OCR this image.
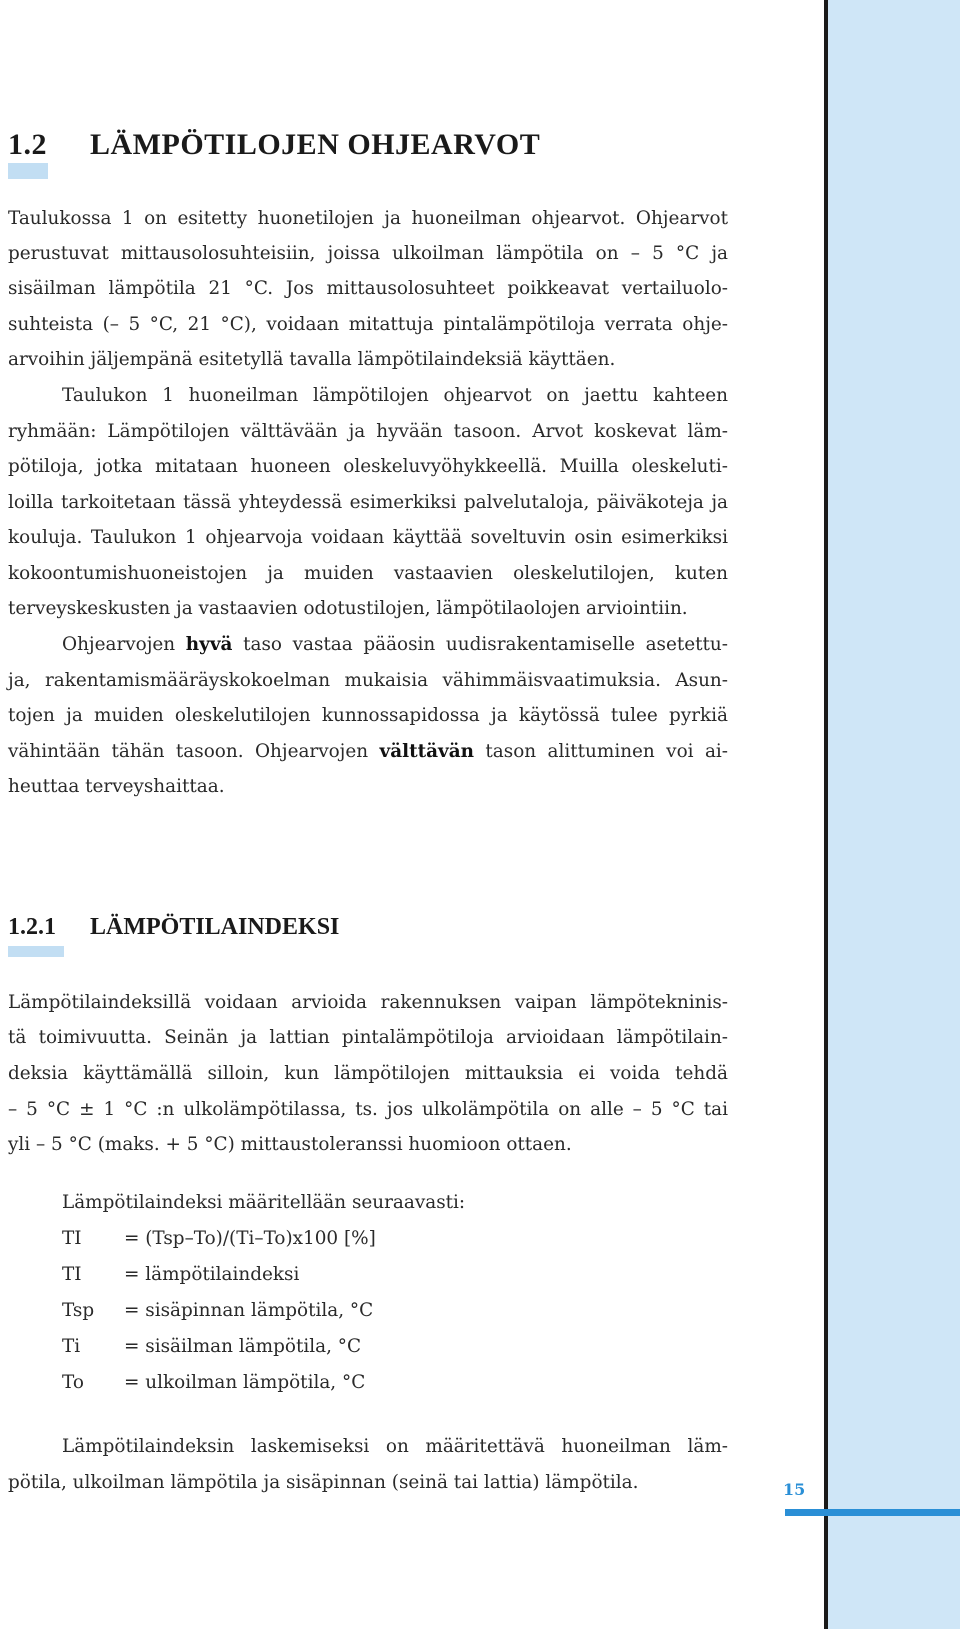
15
1.2 LÄMPÖTILOJEN OHJEARVOT
Taulukossa 1 on esitetty huonetilojen ja huoneilman ohjearvot. Ohjearvot
perustuvat mittausolosuhteisiin, joissa ulkoilman lämpötila on – 5 °C ja
sisäilman lämpötila 21 °C. Jos mittausolosuhteet poikkeavat vertailuolo-
suhteista (– 5 °C, 21 °C), voidaan mitattuja pintalämpötiloja verrata ohje-
arvoihin jäljempänä esitetyllä tavalla lämpötilaindeksiä käyttäen.
Taulukon 1 huoneilman lämpötilojen ohjearvot on jaettu kahteen
ryhmään: Lämpötilojen välttävään ja hyvään tasoon. Arvot koskevat läm-
pötiloja, jotka mitataan huoneen oleskeluvyöhykkeellä. Muilla oleskeluti-
loilla tarkoitetaan tässä yhteydessä esimerkiksi palvelutaloja, päiväkoteja ja
kouluja. Taulukon 1 ohjearvoja voidaan käyttää soveltuvin osin esimerkiksi
kokoontumishuoneistojen ja muiden vastaavien oleskelutilojen, kuten
terveyskeskusten ja vastaavien odotustilojen, lämpötilaolojen arviointiin.
Ohjearvojen hyvä taso vastaa pääosin uudisrakentamiselle asetettu-
ja, rakentamismääräyskokoelman mukaisia vähimmäisvaatimuksia. Asun-
tojen ja muiden oleskelutilojen kunnossapidossa ja käytössä tulee pyrkiä
vähintään tähän tasoon. Ohjearvojen välttävän tason alittuminen voi ai-
heuttaa terveyshaittaa.
1.2.1 LÄMPÖTILAINDEKSI
Lämpötilaindeksillä voidaan arvioida rakennuksen vaipan lämpötekninis-
tä toimivuutta. Seinän ja lattian pintalämpötiloja arvioidaan lämpötilain-
deksia käyttämällä silloin, kun lämpötilojen mittauksia ei voida tehdä
– 5 °C ± 1 °C :n ulkolämpötilassa, ts. jos ulkolämpötila on alle – 5 °C tai
yli – 5 °C (maks. + 5 °C) mittaustoleranssi huomioon ottaen.
Lämpötilaindeksi määritellään seuraavasti:
TI = (Tsp–To)/(Ti–To)x100 [%]
TI = lämpötilaindeksi
Tsp = sisäpinnan lämpötila, °C
Ti = sisäilman lämpötila, °C
To = ulkoilman lämpötila, °C
Lämpötilaindeksin laskemiseksi on määritettävä huoneilman läm-
pötila, ulkoilman lämpötila ja sisäpinnan (seinä tai lattia) lämpötila.
